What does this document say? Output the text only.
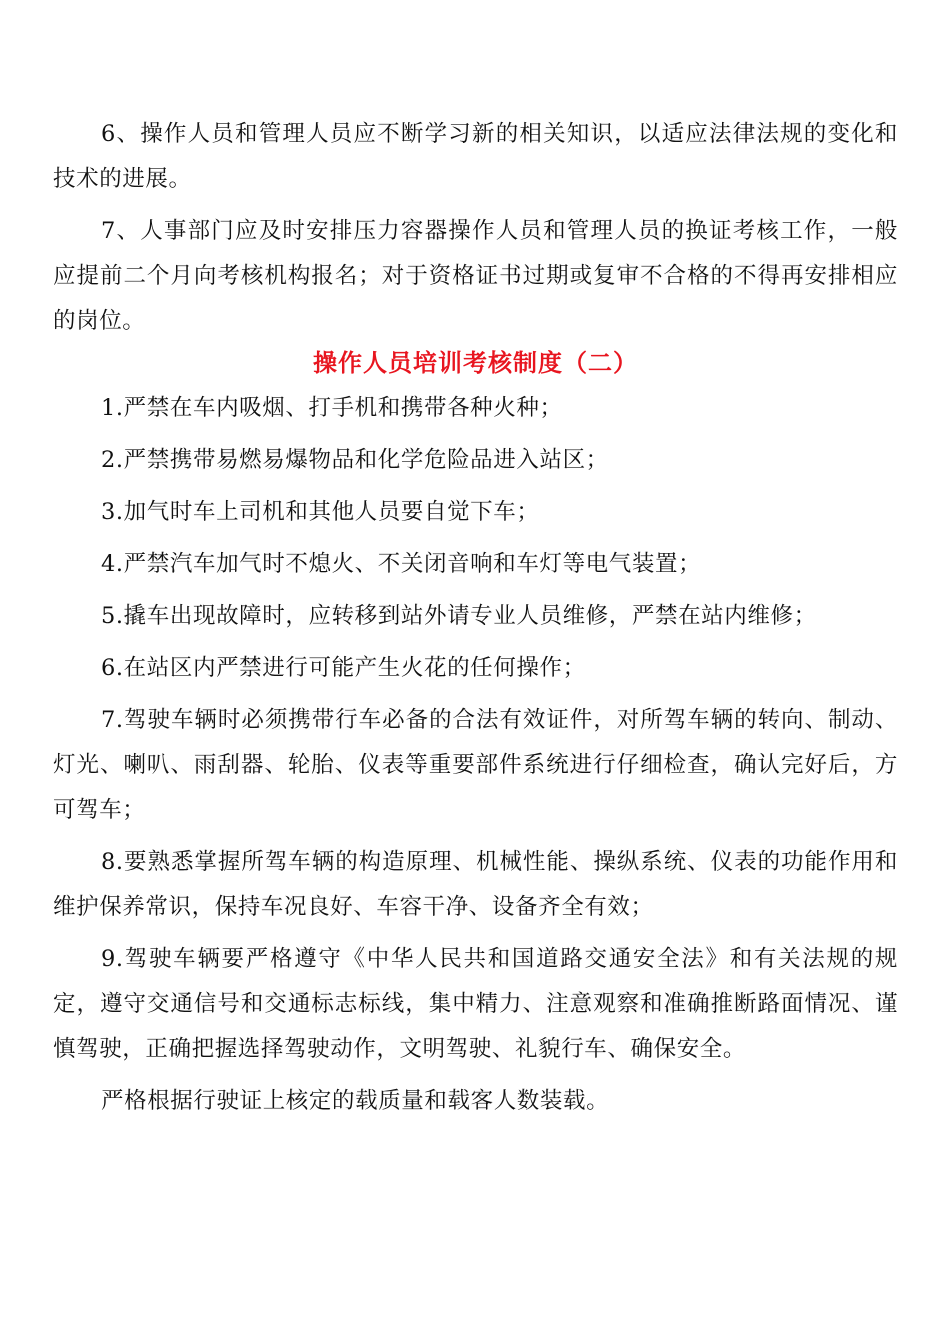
6、操作人员和管理人员应不断学习新的相关知识，以适应法律法规的变化和技术的进展。

7、人事部门应及时安排压力容器操作人员和管理人员的换证考核工作，一般应提前二个月向考核机构报名；对于资格证书过期或复审不合格的不得再安排相应的岗位。

操作人员培训考核制度（二）

1.严禁在车内吸烟、打手机和携带各种火种；

2.严禁携带易燃易爆物品和化学危险品进入站区；

3.加气时车上司机和其他人员要自觉下车；

4.严禁汽车加气时不熄火、不关闭音响和车灯等电气装置；

5.撬车出现故障时，应转移到站外请专业人员维修，严禁在站内维修；

6.在站区内严禁进行可能产生火花的任何操作；

7.驾驶车辆时必须携带行车必备的合法有效证件，对所驾车辆的转向、制动、灯光、喇叭、雨刮器、轮胎、仪表等重要部件系统进行仔细检查，确认完好后，方可驾车；

8.要熟悉掌握所驾车辆的构造原理、机械性能、操纵系统、仪表的功能作用和维护保养常识，保持车况良好、车容干净、设备齐全有效；

9.驾驶车辆要严格遵守《中华人民共和国道路交通安全法》和有关法规的规定，遵守交通信号和交通标志标线，集中精力、注意观察和准确推断路面情况、谨慎驾驶，正确把握选择驾驶动作，文明驾驶、礼貌行车、确保安全。

严格根据行驶证上核定的载质量和载客人数装载。
